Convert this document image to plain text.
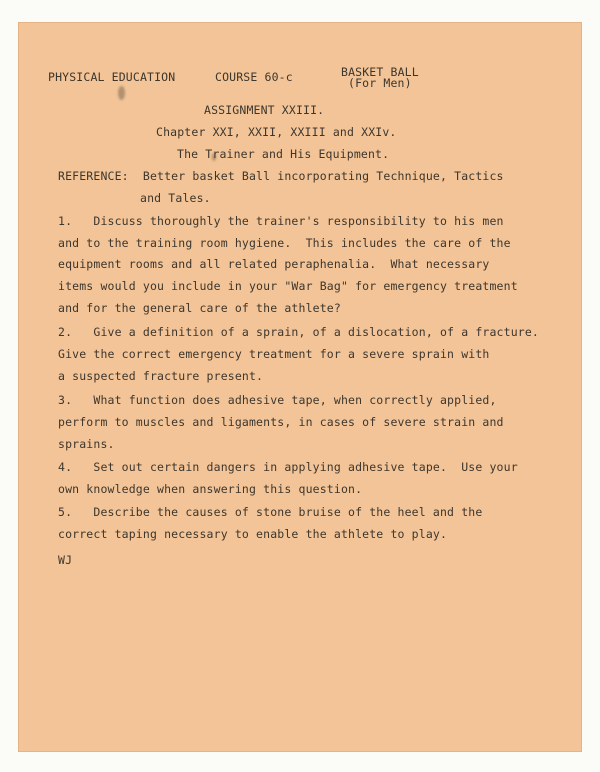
PHYSICAL EDUCATION	COURSE 60-c	BASKET BALL
(For Men)
ASSIGNMENT XXIII.
Chapter XXI, XXII, XXIII and XXIv.
The Trainer and His Equipment.
REFERENCE:  Better basket Ball incorporating Technique, Tactics
and Tales.
1.   Discuss thoroughly the trainer's responsibility to his men
and to the training room hygiene.  This includes the care of the
equipment rooms and all related peraphenalia.  What necessary
items would you include in your "War Bag" for emergency treatment
and for the general care of the athlete?
2.   Give a definition of a sprain, of a dislocation, of a fracture.
Give the correct emergency treatment for a severe sprain with
a suspected fracture present.
3.   What function does adhesive tape, when correctly applied,
perform to muscles and ligaments, in cases of severe strain and
sprains.
4.   Set out certain dangers in applying adhesive tape.  Use your
own knowledge when answering this question.
5.   Describe the causes of stone bruise of the heel and the
correct taping necessary to enable the athlete to play.
WJ
